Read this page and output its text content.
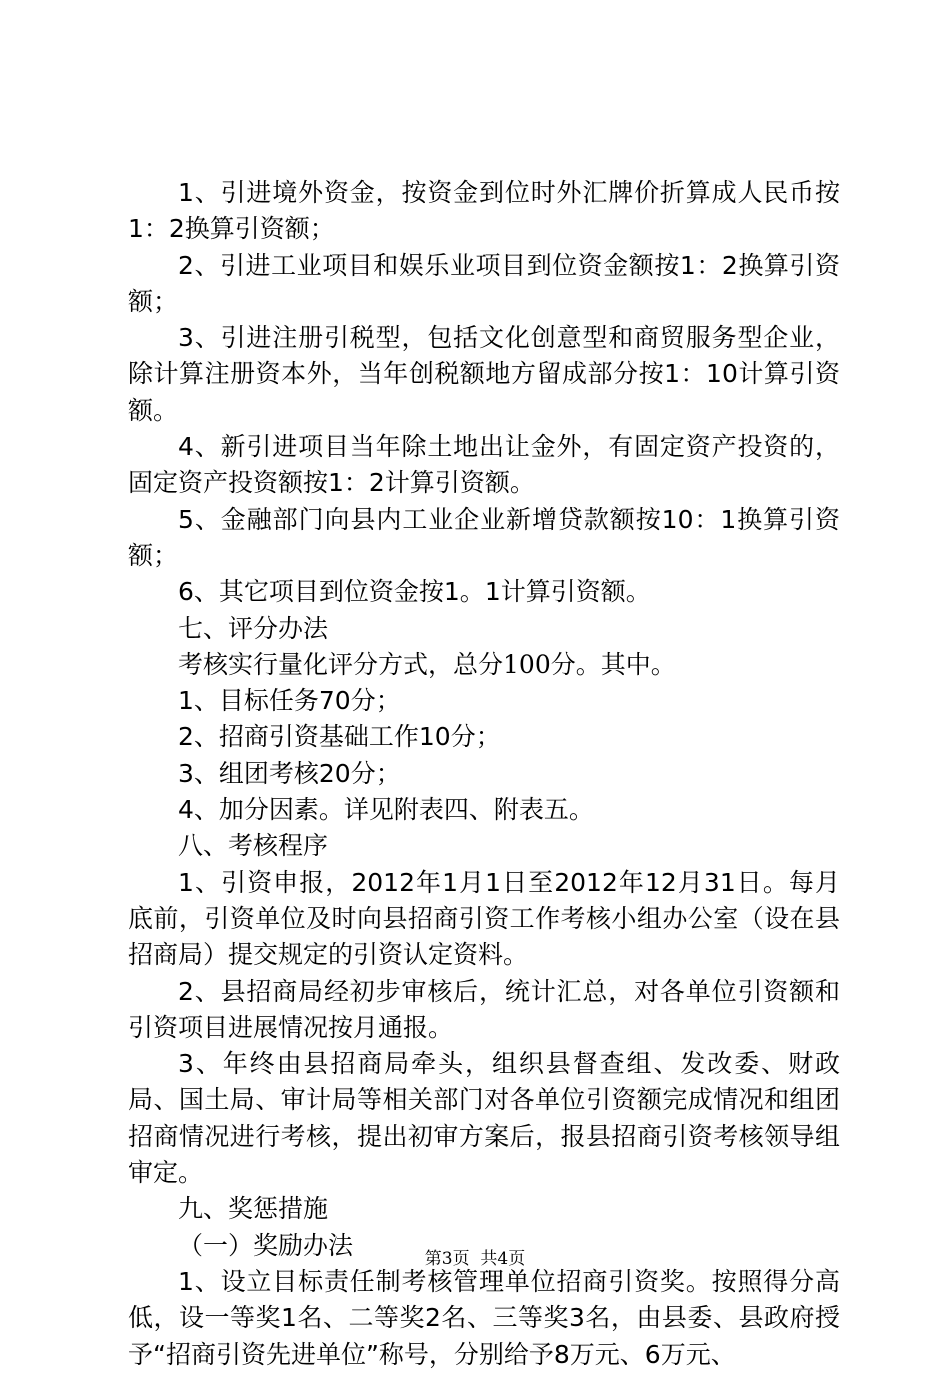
1、引进境外资金，按资金到位时外汇牌价折算成人民币按1：2换算引资额；

2、引进工业项目和娱乐业项目到位资金额按1：2换算引资额；

3、引进注册引税型，包括文化创意型和商贸服务型企业，除计算注册资本外，当年创税额地方留成部分按1：10计算引资额。

4、新引进项目当年除土地出让金外，有固定资产投资的，固定资产投资额按1：2计算引资额。

5、金融部门向县内工业企业新增贷款额按10：1换算引资额；

6、其它项目到位资金按1。1计算引资额。

七、评分办法

考核实行量化评分方式，总分100分。其中。

1、目标任务70分；

2、招商引资基础工作10分；

3、组团考核20分；

4、加分因素。详见附表四、附表五。

八、考核程序

1、引资申报，2012年1月1日至2012年12月31日。每月底前，引资单位及时向县招商引资工作考核小组办公室（设在县招商局）提交规定的引资认定资料。

2、县招商局经初步审核后，统计汇总，对各单位引资额和引资项目进展情况按月通报。

3、年终由县招商局牵头，组织县督查组、发改委、财政局、国土局、审计局等相关部门对各单位引资额完成情况和组团招商情况进行考核，提出初审方案后，报县招商引资考核领导组审定。

九、奖惩措施

（一）奖励办法

1、设立目标责任制考核管理单位招商引资奖。按照得分高低，设一等奖1名、二等奖2名、三等奖3名，由县委、县政府授予“招商引资先进单位”称号，分别给予8万元、6万元、

第3页  共4页
